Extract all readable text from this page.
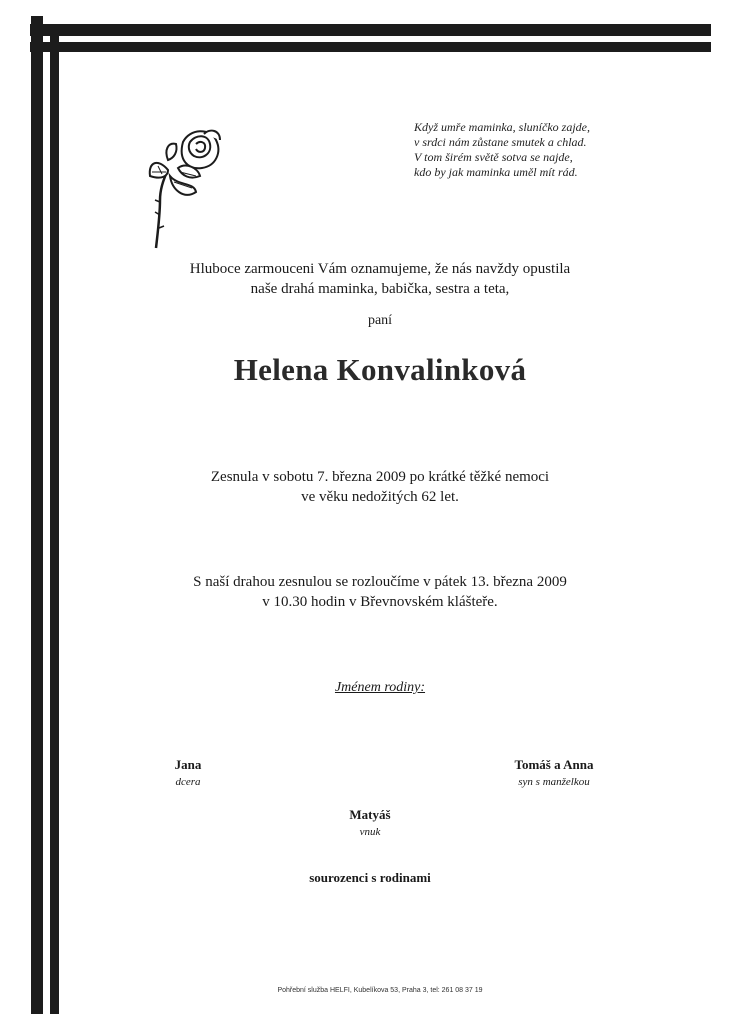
Když umře maminka, sluníčko zajde,
v srdci nám zůstane smutek a chlad.
V tom širém světě sotva se najde,
kdo by jak maminka uměl mít rád.
Hluboce zarmouceni Vám oznamujeme, že nás navždy opustila
naše drahá maminka, babička, sestra a teta,
paní
Helena Konvalinková
Zesnula v sobotu 7. března 2009 po krátké těžké nemoci
ve věku nedožitých 62 let.
S naší drahou zesnulou se rozloučíme v pátek 13. března 2009
v 10.30 hodin v Břevnovském klášteře.
Jménem rodiny:
Jana
dcera
Tomáš a Anna
syn s manželkou
Matyáš
vnuk
sourozenci s rodinami
Pohřební služba HELFI, Kubelíkova 53, Praha 3, tel: 261 08 37 19
